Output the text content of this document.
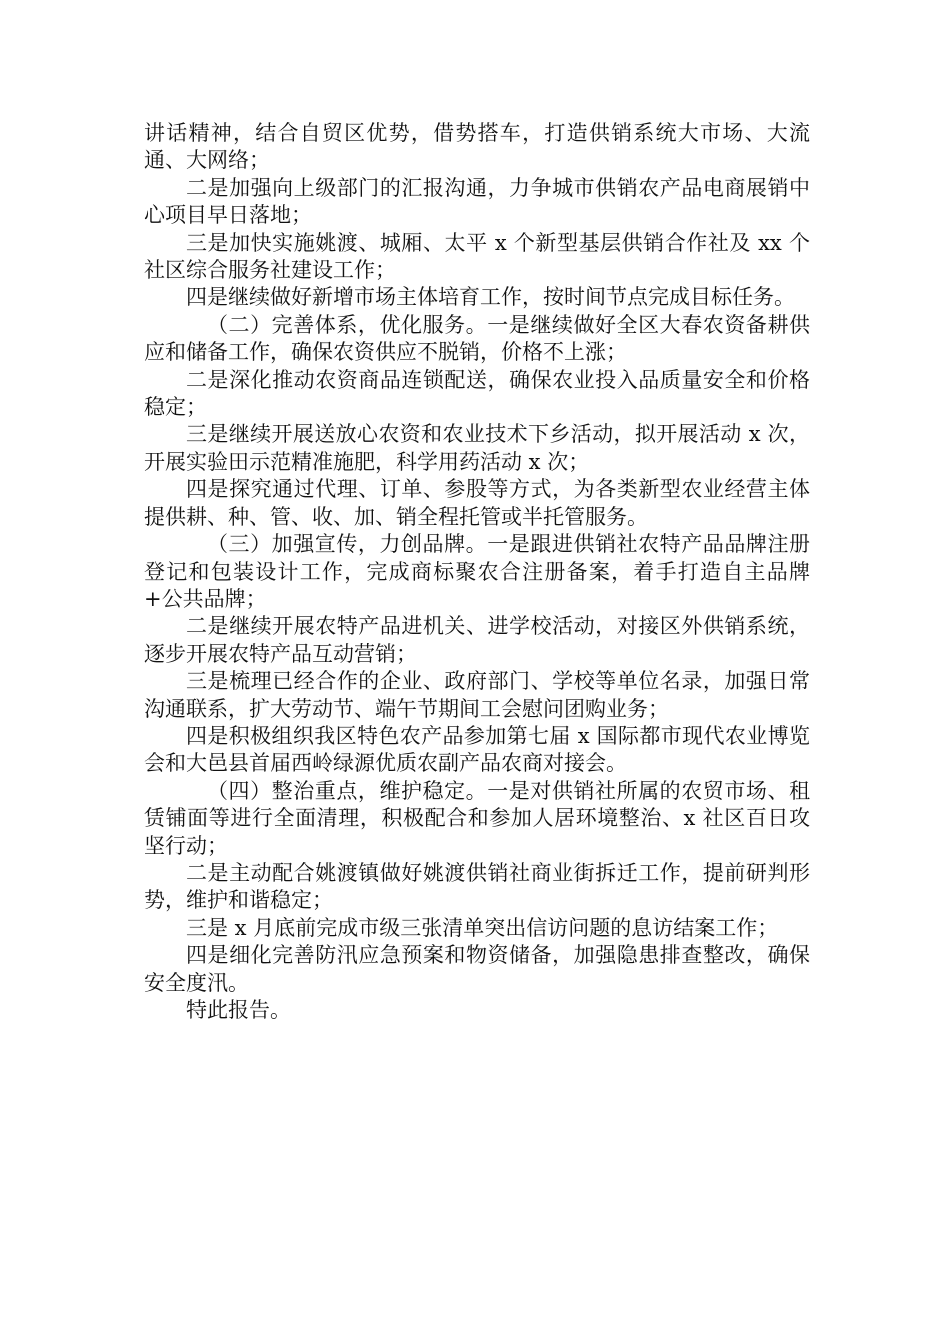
讲话精神，结合自贸区优势，借势搭车，打造供销系统大市场、大流通、大网络；

二是加强向上级部门的汇报沟通，力争城市供销农产品电商展销中心项目早日落地；

三是加快实施姚渡、城厢、太平 x 个新型基层供销合作社及 xx 个社区综合服务社建设工作；

四是继续做好新增市场主体培育工作，按时间节点完成目标任务。

（二）完善体系，优化服务。一是继续做好全区大春农资备耕供应和储备工作，确保农资供应不脱销，价格不上涨；

二是深化推动农资商品连锁配送，确保农业投入品质量安全和价格稳定；

三是继续开展送放心农资和农业技术下乡活动，拟开展活动 x 次，开展实验田示范精准施肥，科学用药活动 x 次；

四是探究通过代理、订单、参股等方式，为各类新型农业经营主体提供耕、种、管、收、加、销全程托管或半托管服务。

（三）加强宣传，力创品牌。一是跟进供销社农特产品品牌注册登记和包装设计工作，完成商标聚农合注册备案，着手打造自主品牌+公共品牌；

二是继续开展农特产品进机关、进学校活动，对接区外供销系统，逐步开展农特产品互动营销；

三是梳理已经合作的企业、政府部门、学校等单位名录，加强日常沟通联系，扩大劳动节、端午节期间工会慰问团购业务；

四是积极组织我区特色农产品参加第七届 x 国际都市现代农业博览会和大邑县首届西岭绿源优质农副产品农商对接会。

（四）整治重点，维护稳定。一是对供销社所属的农贸市场、租赁铺面等进行全面清理，积极配合和参加人居环境整治、x 社区百日攻坚行动；

二是主动配合姚渡镇做好姚渡供销社商业街拆迁工作，提前研判形势，维护和谐稳定；

三是 x 月底前完成市级三张清单突出信访问题的息访结案工作；

四是细化完善防汛应急预案和物资储备，加强隐患排查整改，确保安全度汛。

特此报告。
